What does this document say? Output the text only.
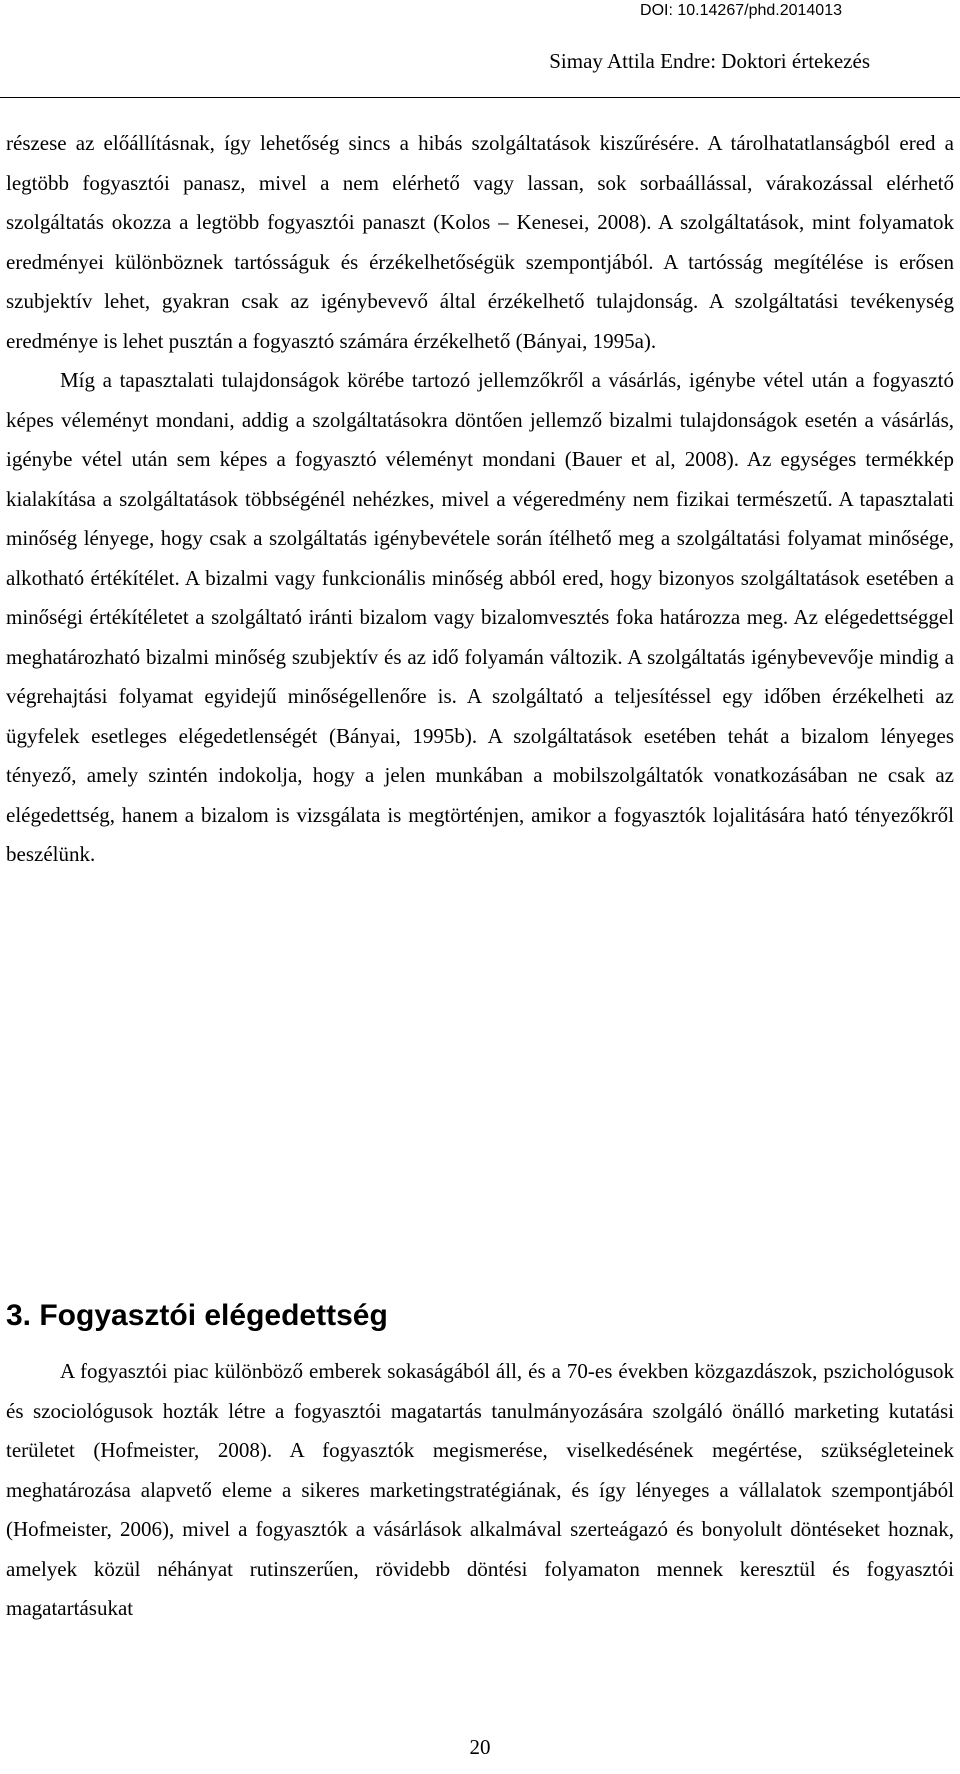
DOI: 10.14267/phd.2014013
Simay Attila Endre: Doktori értekezés

részese az előállításnak, így lehetőség sincs a hibás szolgáltatások kiszűrésére. A tárolhatatlanságból ered a legtöbb fogyasztói panasz, mivel a nem elérhető vagy lassan, sok sorbaállással, várakozással elérhető szolgáltatás okozza a legtöbb fogyasztói panaszt (Kolos – Kenesei, 2008). A szolgáltatások, mint folyamatok eredményei különböznek tartósságuk és érzékelhetőségük szempontjából. A tartósság megítélése is erősen szubjektív lehet, gyakran csak az igénybevevő által érzékelhető tulajdonság. A szolgáltatási tevékenység eredménye is lehet pusztán a fogyasztó számára érzékelhető (Bányai, 1995a).

Míg a tapasztalati tulajdonságok körébe tartozó jellemzőkről a vásárlás, igénybe vétel után a fogyasztó képes véleményt mondani, addig a szolgáltatásokra döntően jellemző bizalmi tulajdonságok esetén a vásárlás, igénybe vétel után sem képes a fogyasztó véleményt mondani (Bauer et al, 2008). Az egységes termékkép kialakítása a szolgáltatások többségénél nehézkes, mivel a végeredmény nem fizikai természetű. A tapasztalati minőség lényege, hogy csak a szolgáltatás igénybevétele során ítélhető meg a szolgáltatási folyamat minősége, alkotható értékítélet. A bizalmi vagy funkcionális minőség abból ered, hogy bizonyos szolgáltatások esetében a minőségi értékítéletet a szolgáltató iránti bizalom vagy bizalomvesztés foka határozza meg. Az elégedettséggel meghatározható bizalmi minőség szubjektív és az idő folyamán változik. A szolgáltatás igénybevevője mindig a végrehajtási folyamat egyidejű minőségellenőre is. A szolgáltató a teljesítéssel egy időben érzékelheti az ügyfelek esetleges elégedetlenségét (Bányai, 1995b). A szolgáltatások esetében tehát a bizalom lényeges tényező, amely szintén indokolja, hogy a jelen munkában a mobilszolgáltatók vonatkozásában ne csak az elégedettség, hanem a bizalom is vizsgálata is megtörténjen, amikor a fogyasztók lojalitására ható tényezőkről beszélünk.

3. Fogyasztói elégedettség

A fogyasztói piac különböző emberek sokaságából áll, és a 70-es években közgazdászok, pszichológusok és szociológusok hozták létre a fogyasztói magatartás tanulmányozására szolgáló önálló marketing kutatási területet (Hofmeister, 2008). A fogyasztók megismerése, viselkedésének megértése, szükségleteinek meghatározása alapvető eleme a sikeres marketingstratégiának, és így lényeges a vállalatok szempontjából (Hofmeister, 2006), mivel a fogyasztók a vásárlások alkalmával szerteágazó és bonyolult döntéseket hoznak, amelyek közül néhányat rutinszerűen, rövidebb döntési folyamaton mennek keresztül és fogyasztói magatartásukat

20
